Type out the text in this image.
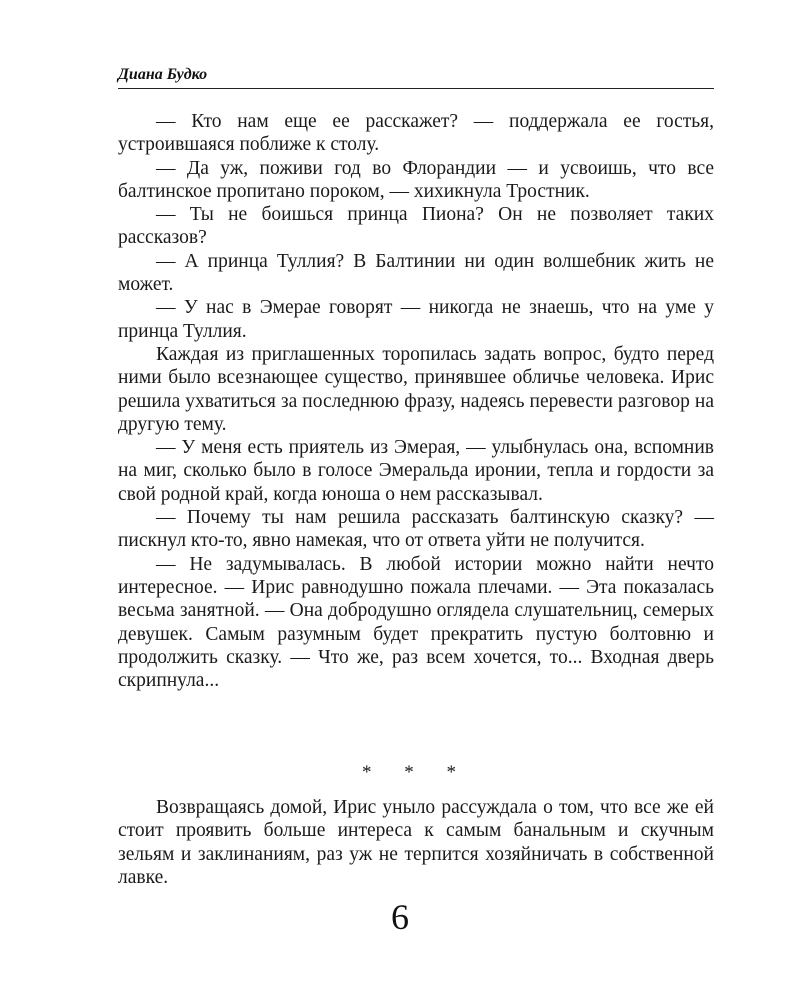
Диана Будко

— Кто нам еще ее расскажет? — поддержала ее гостья, устроившаяся поближе к столу.

— Да уж, поживи год во Флорандии — и усвоишь, что все балтинское пропитано пороком, — хихикнула Тростник.

— Ты не боишься принца Пиона? Он не позволяет таких рассказов?

— А принца Туллия? В Балтинии ни один волшебник жить не может.

— У нас в Эмерае говорят — никогда не знаешь, что на уме у принца Туллия.

Каждая из приглашенных торопилась задать вопрос, будто перед ними было всезнающее существо, принявшее обличье человека. Ирис решила ухватиться за последнюю фразу, надеясь перевести разговор на другую тему.

— У меня есть приятель из Эмерая, — улыбнулась она, вспомнив на миг, сколько было в голосе Эмеральда иронии, тепла и гордости за свой родной край, когда юноша о нем рассказывал.

— Почему ты нам решила рассказать балтинскую сказку? — пискнул кто-то, явно намекая, что от ответа уйти не получится.

— Не задумывалась. В любой истории можно найти нечто интересное. — Ирис равнодушно пожала плечами. — Эта показалась весьма занятной. — Она добродушно оглядела слушательниц, семерых девушек. Самым разумным будет прекратить пустую болтовню и продолжить сказку. — Что же, раз всем хочется, то... Входная дверь скрипнула...

* * *

Возвращаясь домой, Ирис уныло рассуждала о том, что все же ей стоит проявить больше интереса к самым банальным и скучным зельям и заклинаниям, раз уж не терпится хозяйничать в собственной лавке.

6
